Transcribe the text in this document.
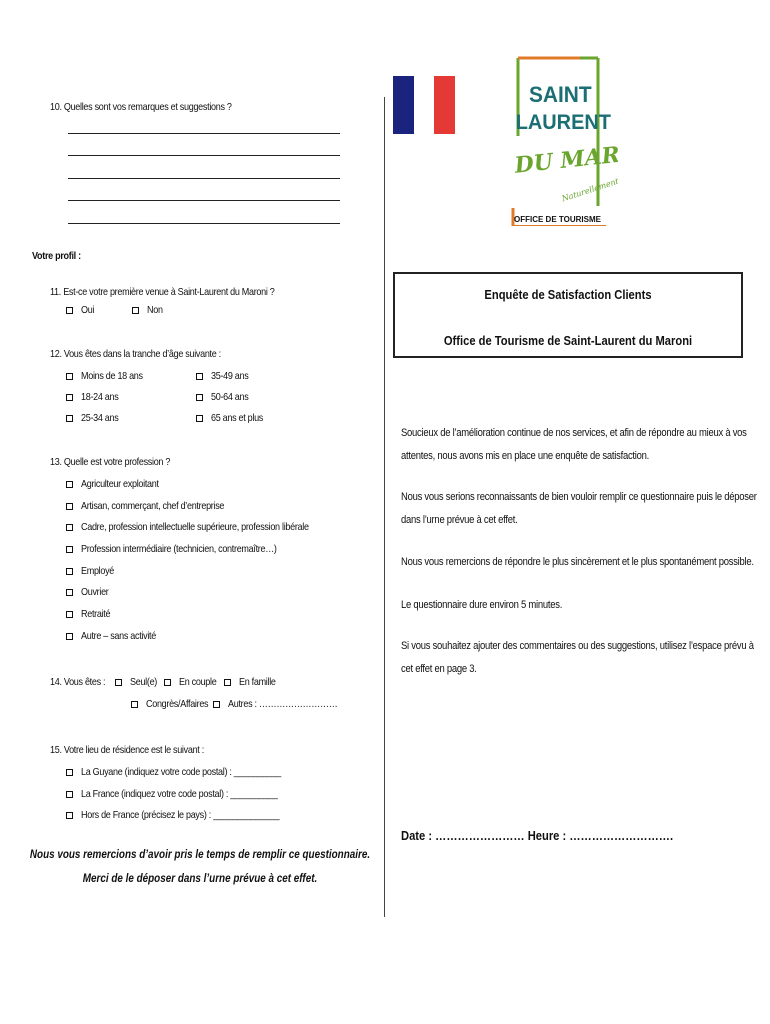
10. Quelles sont vos remarques et suggestions ?
Votre profil :
11. Est-ce votre première venue à Saint-Laurent du Maroni ?
Oui	Non
12. Vous êtes dans la tranche d’âge suivante :
Moins de 18 ans
18-24 ans
25-34 ans
35-49 ans
50-64 ans
65 ans et plus
13. Quelle est votre profession ?
Agriculteur exploitant
Artisan, commerçant, chef d’entreprise
Cadre, profession intellectuelle supérieure, profession libérale
Profession intermédiaire (technicien, contremaître…)
Employé
Ouvrier
Retraité
Autre – sans activité
14. Vous êtes : Seul(e) En couple En famille
Congrès/Affaires Autres : ………………………
15. Votre lieu de résidence est le suivant :
La Guyane (indiquez votre code postal) : __________
La France (indiquez votre code postal) : __________
Hors de France (précisez le pays) : ______________
Nous vous remercions d’avoir pris le temps de remplir ce questionnaire.
Merci de le déposer dans l’urne prévue à cet effet.
SAINT
LAURENT
DU MARONI
Naturellement
OFFICE DE TOURISME
Enquête de Satisfaction Clients
Office de Tourisme de Saint-Laurent du Maroni
Soucieux de l’amélioration continue de nos services, et afin de répondre au mieux à vos
attentes, nous avons mis en place une enquête de satisfaction.
Nous vous serions reconnaissants de bien vouloir remplir ce questionnaire puis le déposer
dans l’urne prévue à cet effet.
Nous vous remercions de répondre le plus sincèrement et le plus spontanément possible.
Le questionnaire dure environ 5 minutes.
Si vous souhaitez ajouter des commentaires ou des suggestions, utilisez l’espace prévu à
cet effet en page 3.
Date : …………………… Heure : ……………………….
